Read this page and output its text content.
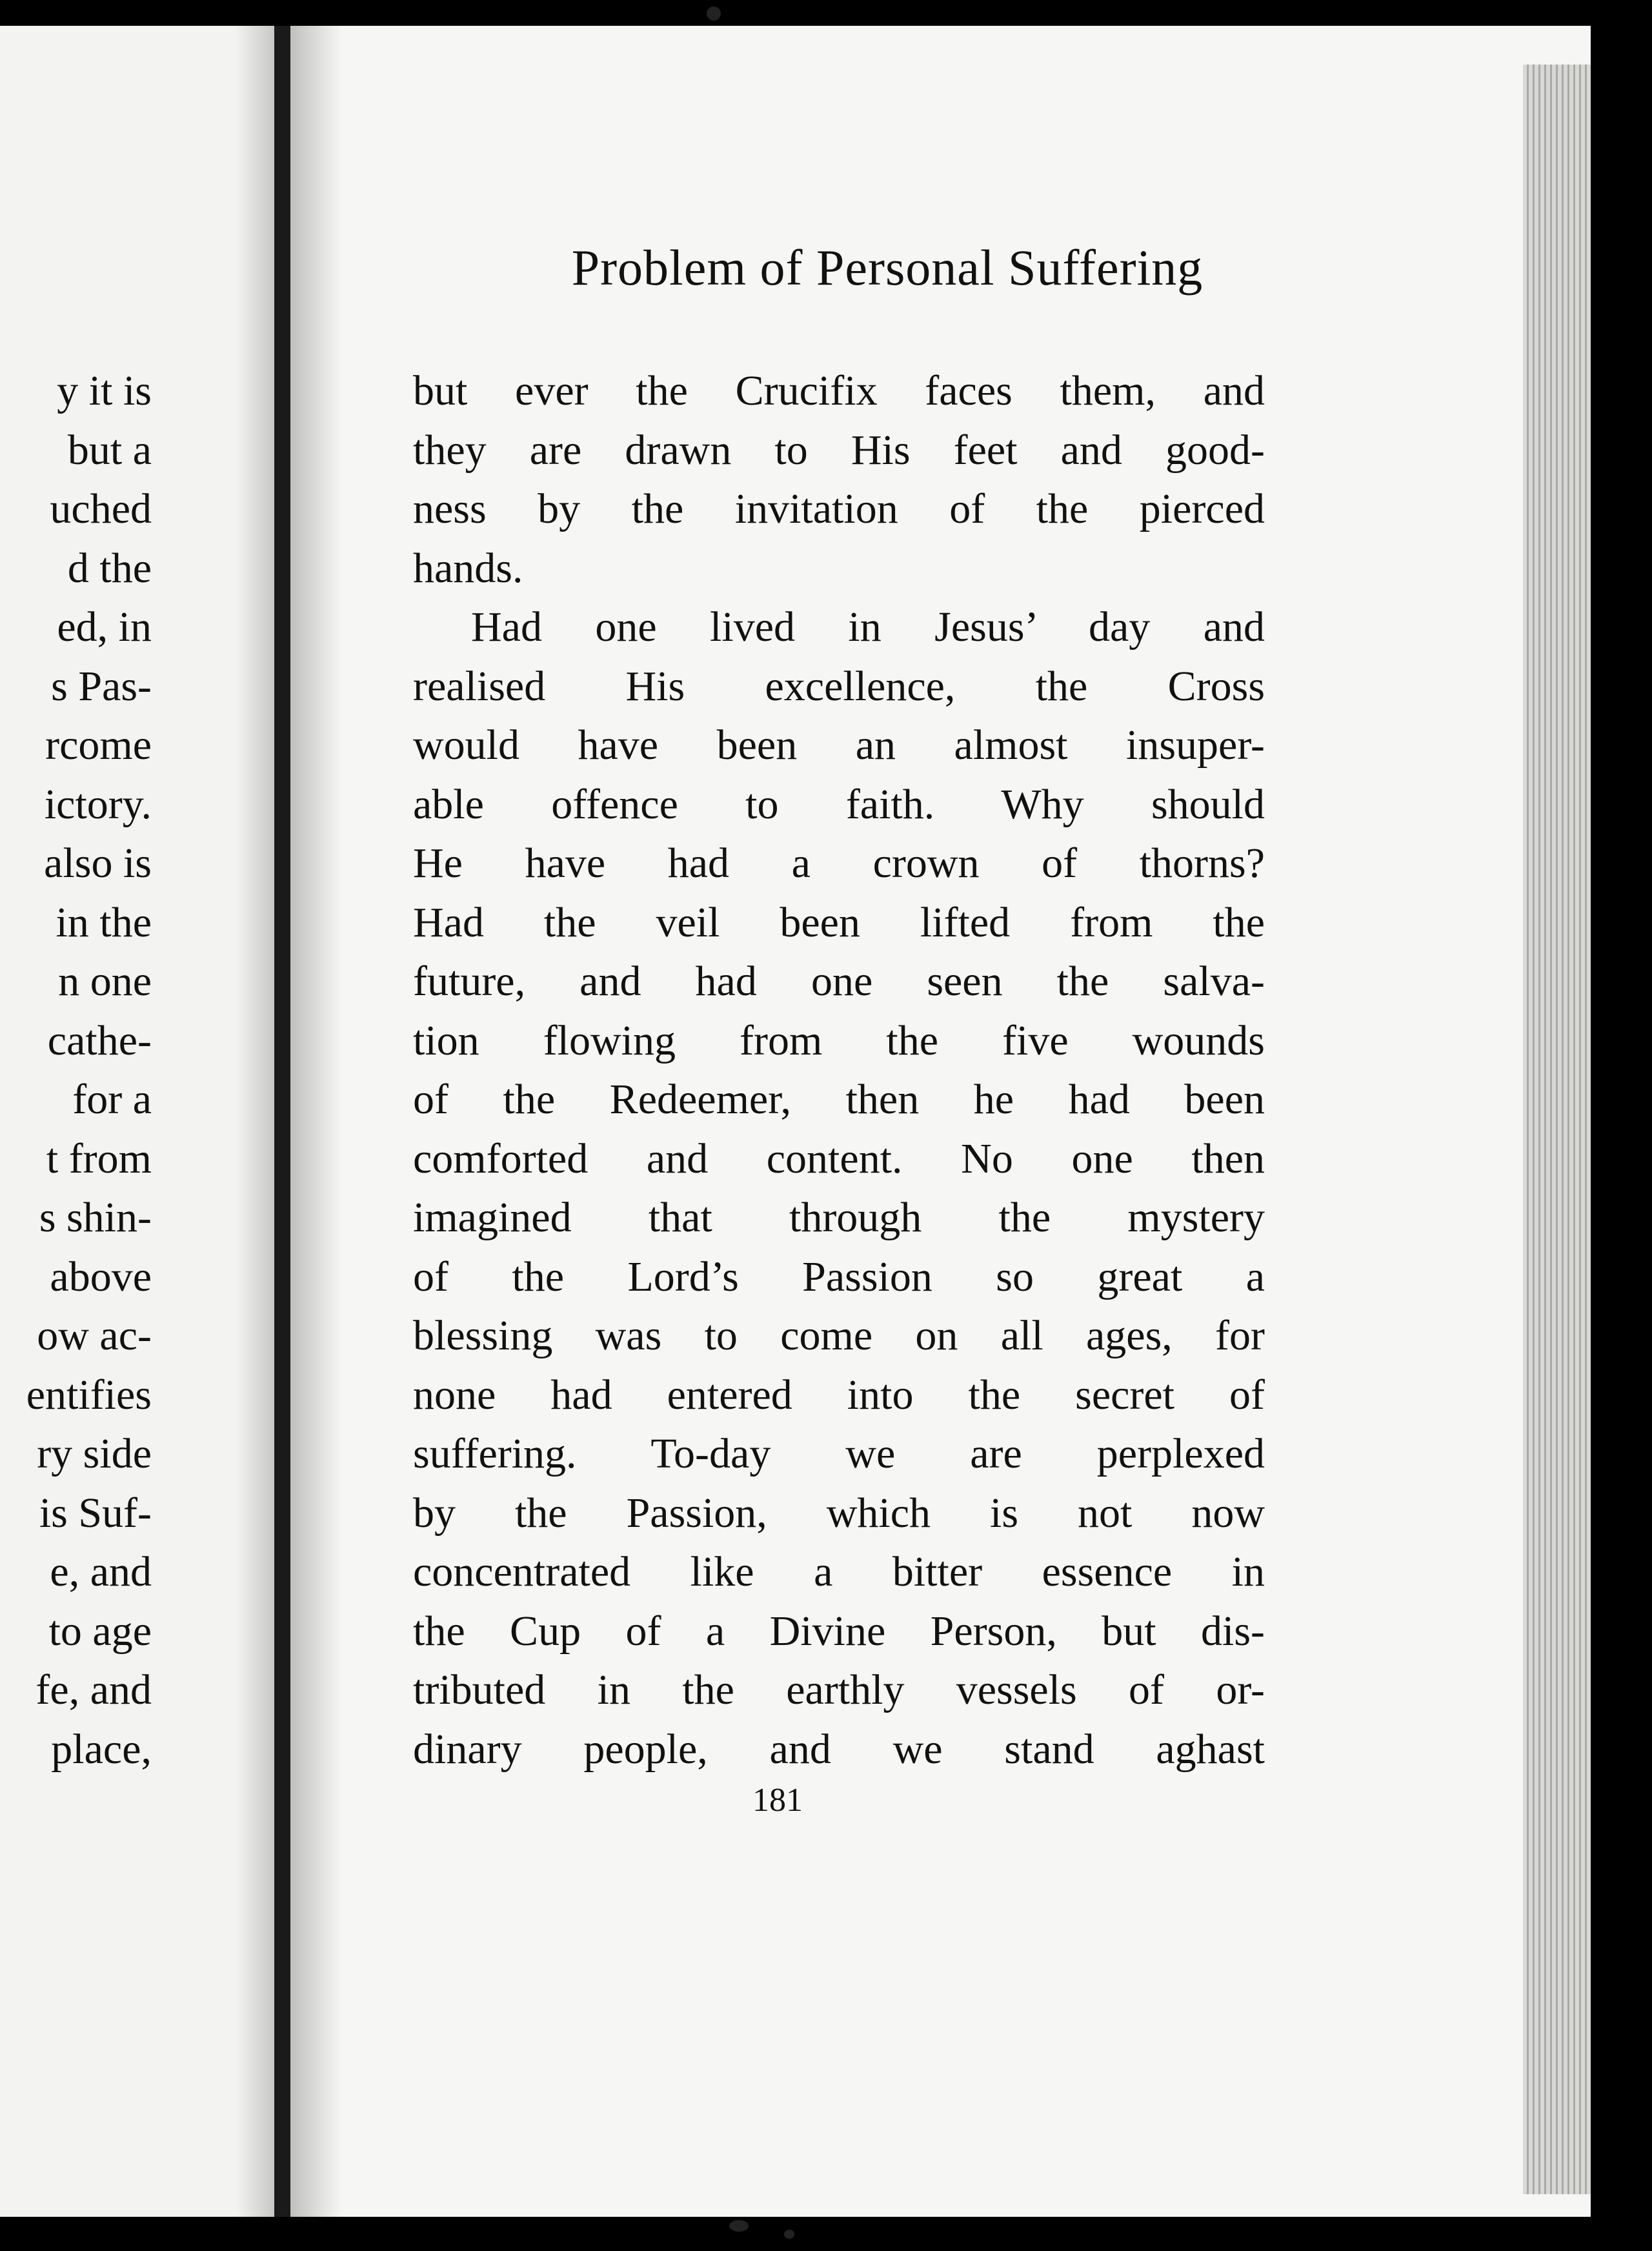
y it is
but a
uched
d the
ed, in
s Pas-
rcome
ictory.
also is
in the
n one
cathe-
for a
t from
s shin-
above
ow ac-
entifies
ry side
is Suf-
e, and
to age
fe, and
place,
Problem of Personal Suffering
but ever the Crucifix faces them, and
they are drawn to His feet and good-
ness by the invitation of the pierced
hands.
Had one lived in Jesus’ day and
realised His excellence, the Cross
would have been an almost insuper-
able offence to faith. Why should
He have had a crown of thorns?
Had the veil been lifted from the
future, and had one seen the salva-
tion flowing from the five wounds
of the Redeemer, then he had been
comforted and content. No one then
imagined that through the mystery
of the Lord’s Passion so great a
blessing was to come on all ages, for
none had entered into the secret of
suffering. To-day we are perplexed
by the Passion, which is not now
concentrated like a bitter essence in
the Cup of a Divine Person, but dis-
tributed in the earthly vessels of or-
dinary people, and we stand aghast
181
